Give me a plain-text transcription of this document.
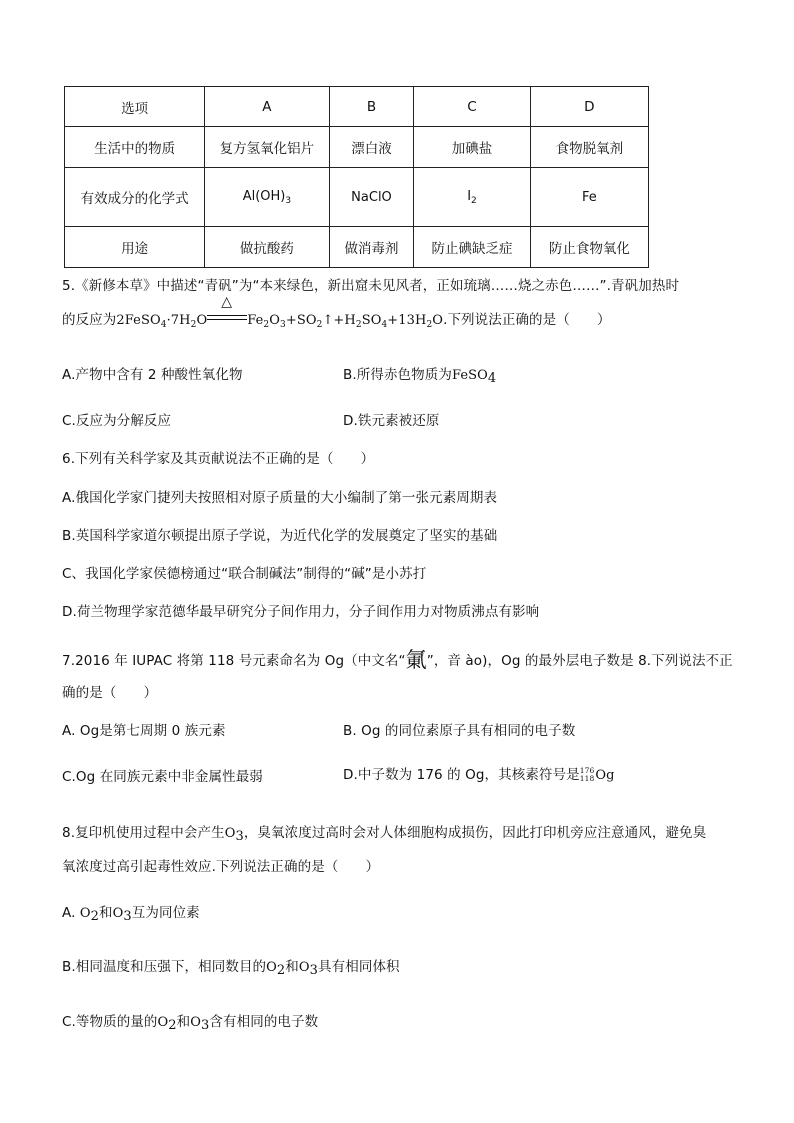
选项	A	B	C	D
生活中的物质	复方氢氧化铝片	漂白液	加碘盐	食物脱氧剂
有效成分的化学式	$Al(OH)_3$	NaClO	$I_2$	Fe
用途	做抗酸药	做消毒剂	防止碘缺乏症	防止食物氧化
5.《新修本草》中描述“青矾”为“本来绿色，新出窟未见风者，正如琉璃……烧之赤色……”.青矾加热时
的反应为$2FeSO_4\cdot 7H_2O$
△
$Fe_2O_3+SO_2↑+H_2SO_4+13H_2O$.下列说法正确的是（　　）
A.产物中含有 2 种酸性氧化物	B.所得赤色物质为FeSO$_4$
C.反应为分解反应	D.铁元素被还原
6.下列有关科学家及其贡献说法不正确的是（　　）
A.俄国化学家门捷列夫按照相对原子质量的大小编制了第一张元素周期表
B.英国科学家道尔顿提出原子学说，为近代化学的发展奠定了坚实的基础
C、我国化学家侯德榜通过“联合制碱法”制得的“碱”是小苏打
D.荷兰物理学家范德华最早研究分子间作用力，分子间作用力对物质沸点有影响
7.2016 年 IUPAC 将第 118 号元素命名为 Og（中文名“氭”，音 ào)，Og 的最外层电子数是 8.下列说法不正
确的是（　　）
A. Og是第七周期 0 族元素	B. Og 的同位素原子具有相同的电子数
C.Og 在同族元素中非金属性最弱	D.中子数为 176 的 Og，其核素符号是176
118Og
8.复印机使用过程中会产生$O_3$，臭氧浓度过高时会对人体细胞构成损伤，因此打印机旁应注意通风，避免臭
氧浓度过高引起毒性效应.下列说法正确的是（　　）
A. $O_2$和$O_3$互为同位素
B.相同温度和压强下，相同数目的$O_2$和$O_3$具有相同体积
C.等物质的量的$O_2$和$O_3$含有相同的电子数
